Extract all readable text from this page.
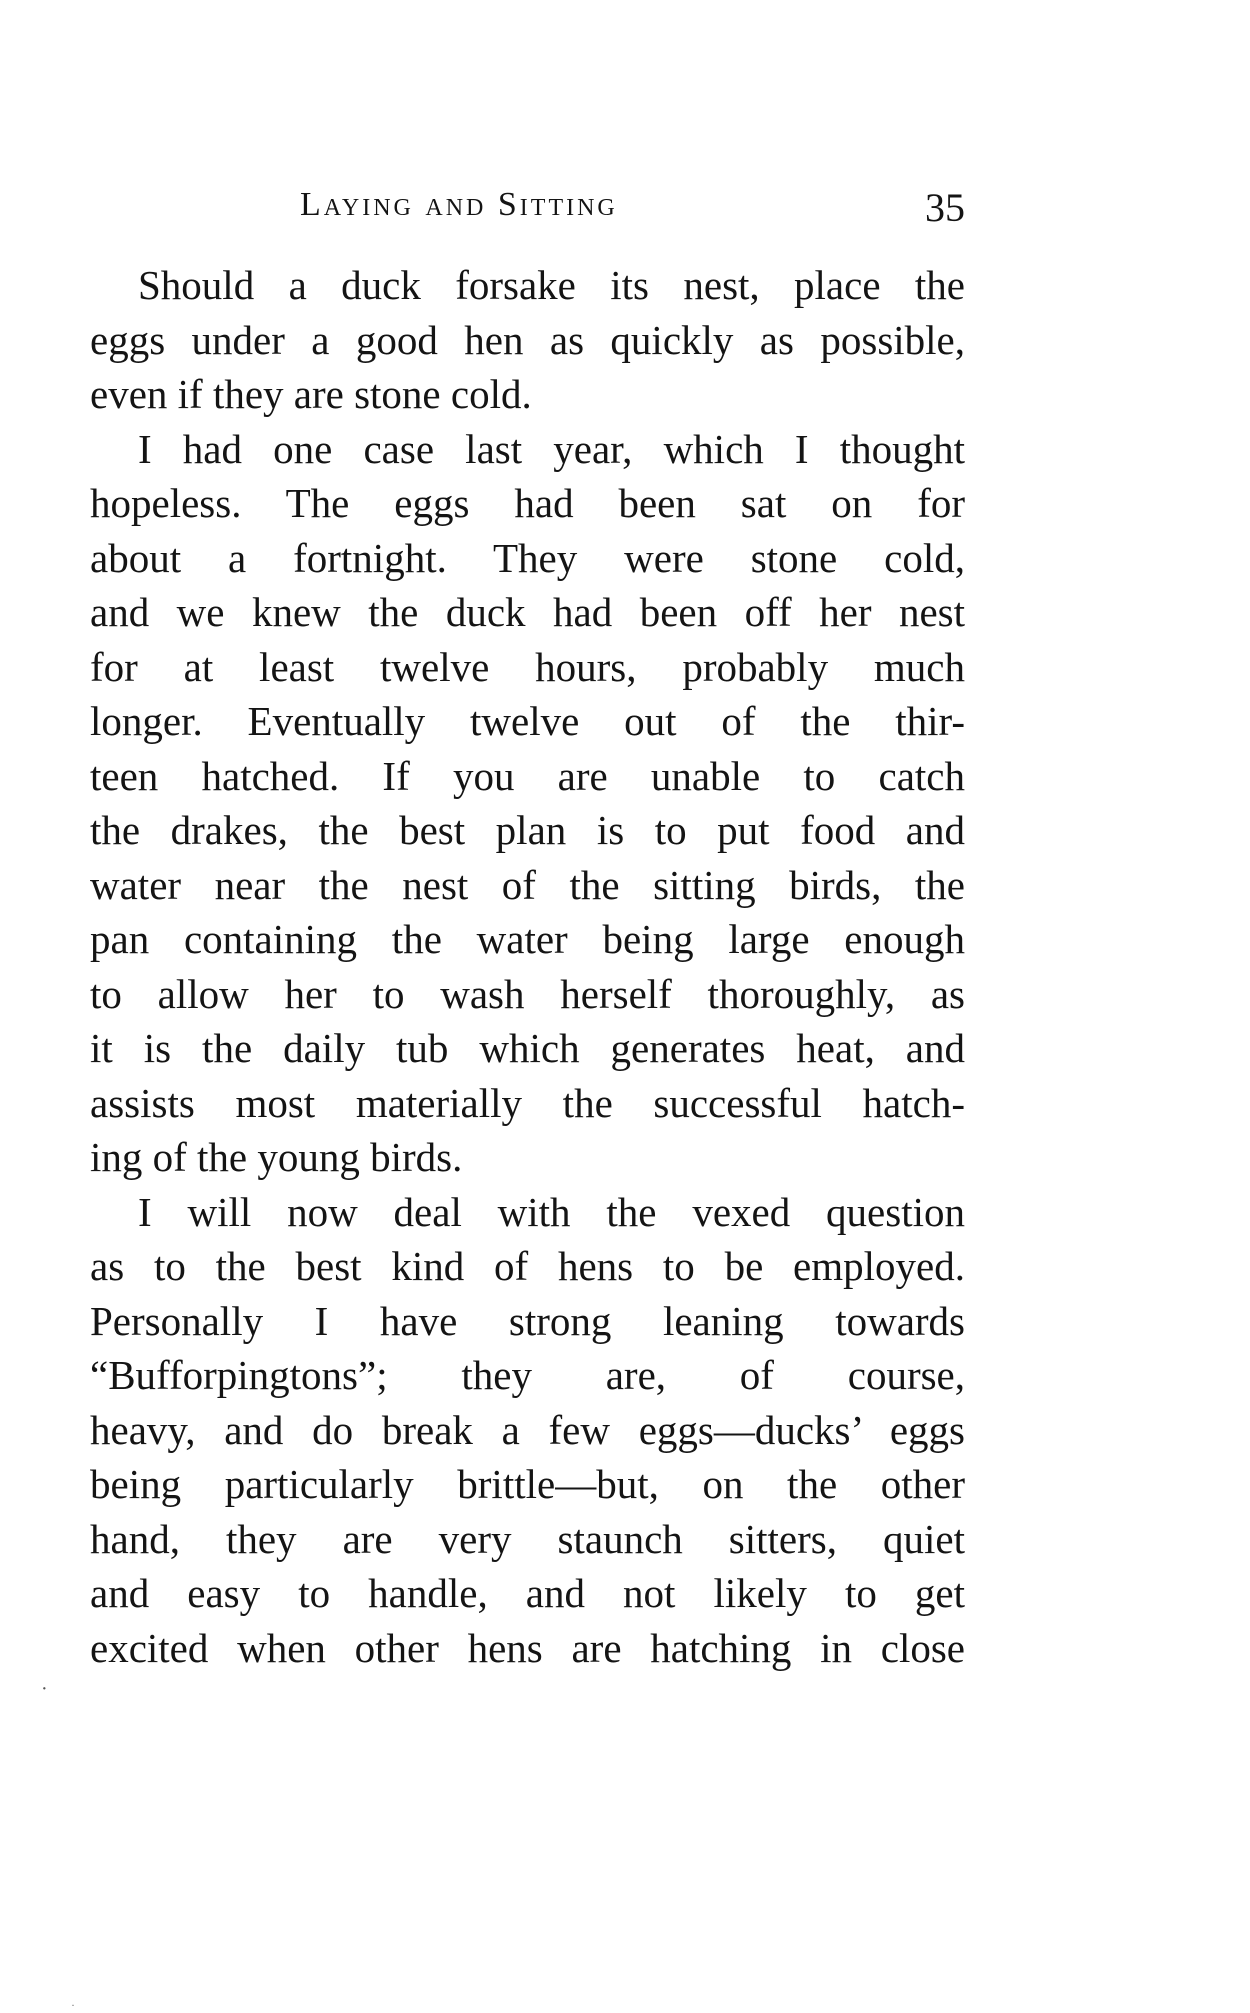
Laying and Sitting	35
Should a duck forsake its nest, place the
eggs under a good hen as quickly as possible,
even if they are stone cold.
I had one case last year, which I thought
hopeless. The eggs had been sat on for
about a fortnight. They were stone cold,
and we knew the duck had been off her nest
for at least twelve hours, probably much
longer. Eventually twelve out of the thir-
teen hatched. If you are unable to catch
the drakes, the best plan is to put food and
water near the nest of the sitting birds, the
pan containing the water being large enough
to allow her to wash herself thoroughly, as
it is the daily tub which generates heat, and
assists most materially the successful hatch-
ing of the young birds.
I will now deal with the vexed question
as to the best kind of hens to be employed.
Personally I have strong leaning towards
“Bufforpingtons”; they are, of course,
heavy, and do break a few eggs—ducks’ eggs
being particularly brittle—but, on the other
hand, they are very staunch sitters, quiet
and easy to handle, and not likely to get
excited when other hens are hatching in close
·
·
